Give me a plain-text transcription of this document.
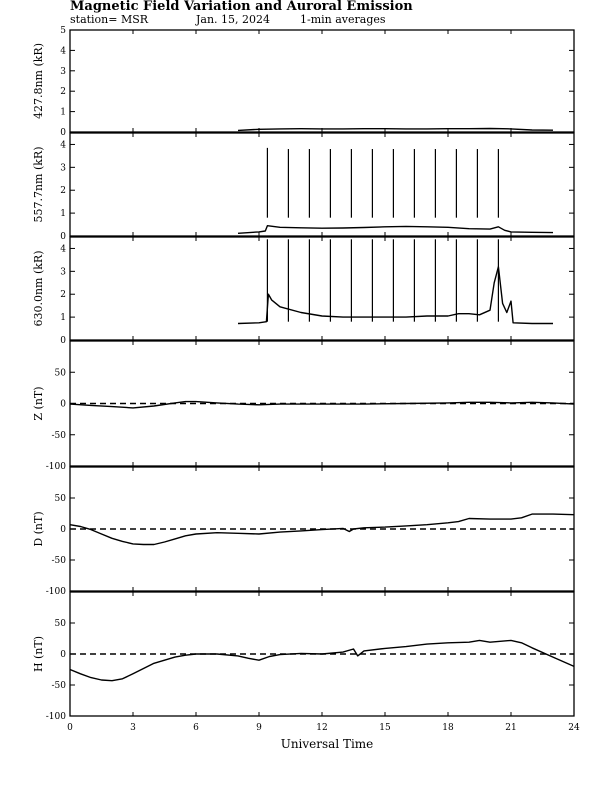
Magnetic Field Variation and Auroral Emission
station= MSR	Jan. 15, 2024	1-min averages
0
1
2
3
4
5
427.8nm (kR)
0
1
2
3
4
557.7nm (kR)
0
1
2
3
4
630.0nm (kR)
-100
-50
0
50
Z (nT)
-100
-50
0
50
D (nT)
-100
-50
0
50
H (nT)
0	3	6	9	12	15	18	21	24
Universal Time
